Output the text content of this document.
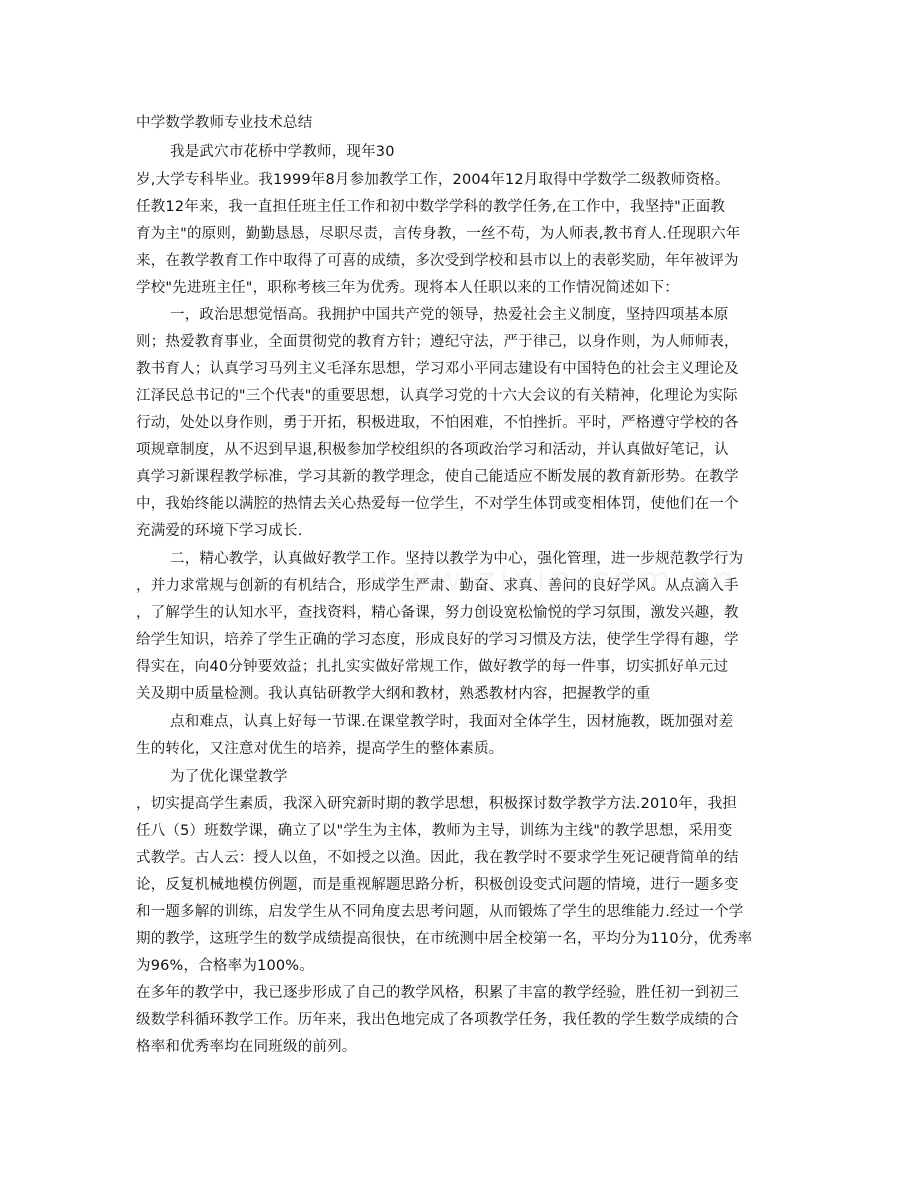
中学数学教师专业技术总结
我是武穴市花桥中学教师，现年30
岁,大学专科毕业。我1999年8月参加教学工作，2004年12月取得中学数学二级教师资格。
任教12年来，我一直担任班主任工作和初中数学学科的教学任务,在工作中，我坚持"正面教
育为主"的原则，勤勤恳恳，尽职尽责，言传身教，一丝不苟，为人师表,教书育人.任现职六年
来，在教学教育工作中取得了可喜的成绩，多次受到学校和县市以上的表彰奖励，年年被评为
学校"先进班主任"，职称考核三年为优秀。现将本人任职以来的工作情况简述如下：
一，政治思想觉悟高。我拥护中国共产党的领导，热爱社会主义制度，坚持四项基本原
则；热爱教育事业，全面贯彻党的教育方针；遵纪守法，严于律己，以身作则，为人师师表，
教书育人；认真学习马列主义毛泽东思想，学习邓小平同志建设有中国特色的社会主义理论及
江泽民总书记的"三个代表"的重要思想，认真学习党的十六大会议的有关精神，化理论为实际
行动，处处以身作则，勇于开拓，积极进取，不怕困难，不怕挫折。平时，严格遵守学校的各
项规章制度，从不迟到早退,积极参加学校组织的各项政治学习和活动，并认真做好笔记，认
真学习新课程教学标准，学习其新的教学理念，使自己能适应不断发展的教育新形势。在教学
中，我始终能以满腔的热情去关心热爱每一位学生，不对学生体罚或变相体罚，使他们在一个
充满爱的环境下学习成长.
二，精心教学，认真做好教学工作。坚持以教学为中心，强化管理，进一步规范教学行为
，并力求常规与创新的有机结合，形成学生严肃、勤奋、求真、善问的良好学风。从点滴入手
，了解学生的认知水平，查找资料，精心备课，努力创设宽松愉悦的学习氛围，激发兴趣，教
给学生知识，培养了学生正确的学习态度，形成良好的学习习惯及方法，使学生学得有趣，学
得实在，向40分钟要效益；扎扎实实做好常规工作，做好教学的每一件事，切实抓好单元过
关及期中质量检测。我认真钻研教学大纲和教材，熟悉教材内容，把握教学的重
点和难点，认真上好每一节课.在课堂教学时，我面对全体学生，因材施教，既加强对差
生的转化，又注意对优生的培养，提高学生的整体素质。
为了优化课堂教学
，切实提高学生素质，我深入研究新时期的教学思想，积极探讨数学教学方法.2010年，我担
任八（5）班数学课，确立了以"学生为主体，教师为主导，训练为主线"的教学思想，采用变
式教学。古人云：授人以鱼，不如授之以渔。因此，我在教学时不要求学生死记硬背简单的结
论，反复机械地模仿例题，而是重视解题思路分析，积极创设变式问题的情境，进行一题多变
和一题多解的训练，启发学生从不同角度去思考问题，从而锻炼了学生的思维能力.经过一个学
期的教学，这班学生的数学成绩提高很快，在市统测中居全校第一名，平均分为110分，优秀率
为96%，合格率为100%。
在多年的教学中，我已逐步形成了自己的教学风格，积累了丰富的教学经验，胜任初一到初三
级数学科循环教学工作。历年来，我出色地完成了各项教学任务，我任教的学生数学成绩的合
格率和优秀率均在同班级的前列。
